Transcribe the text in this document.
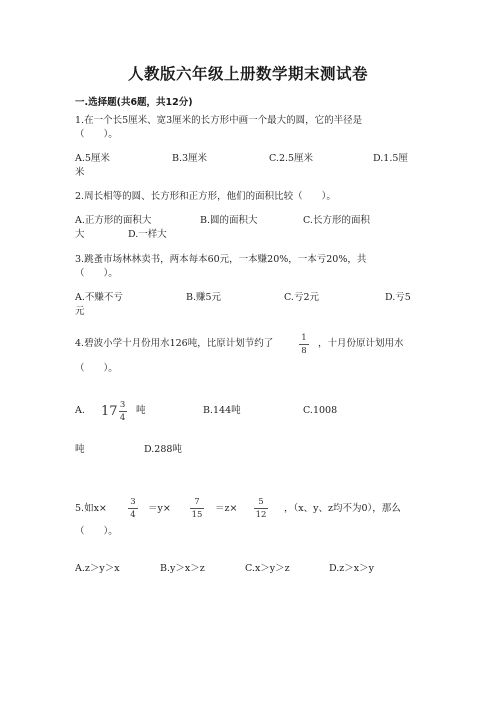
人教版六年级上册数学期末测试卷
一.选择题(共6题，共12分)
1.在一个长5厘米、宽3厘米的长方形中画一个最大的圆，它的半径是
（　　）。
A.5厘米	B.3厘米	C.2.5厘米	D.1.5厘
米
2.周长相等的圆、长方形和正方形，他们的面积比较（　　）。
A.正方形的面积大	B.圆的面积大	C.长方形的面积
大	D.一样大
3.跳蚤市场林林卖书，两本每本60元，一本赚20%，一本亏20%，共
（　　）。
A.不赚不亏	B.赚5元	C.亏2元	D.亏5
元
4.碧波小学十月份用水126吨，比原计划节约了	1
8
，十月份原计划用水
（　　）。
A. $17 \frac{3}{4}$ 吨	B.144吨	C.1008
吨	D.288吨
5.如x×
3
4
＝y×
7
15
＝z×
5
12
，（x、y、z均不为0），那么
（　　）。
A.z＞y＞x	B.y＞x＞z	C.x＞y＞z	D.z＞x＞y
